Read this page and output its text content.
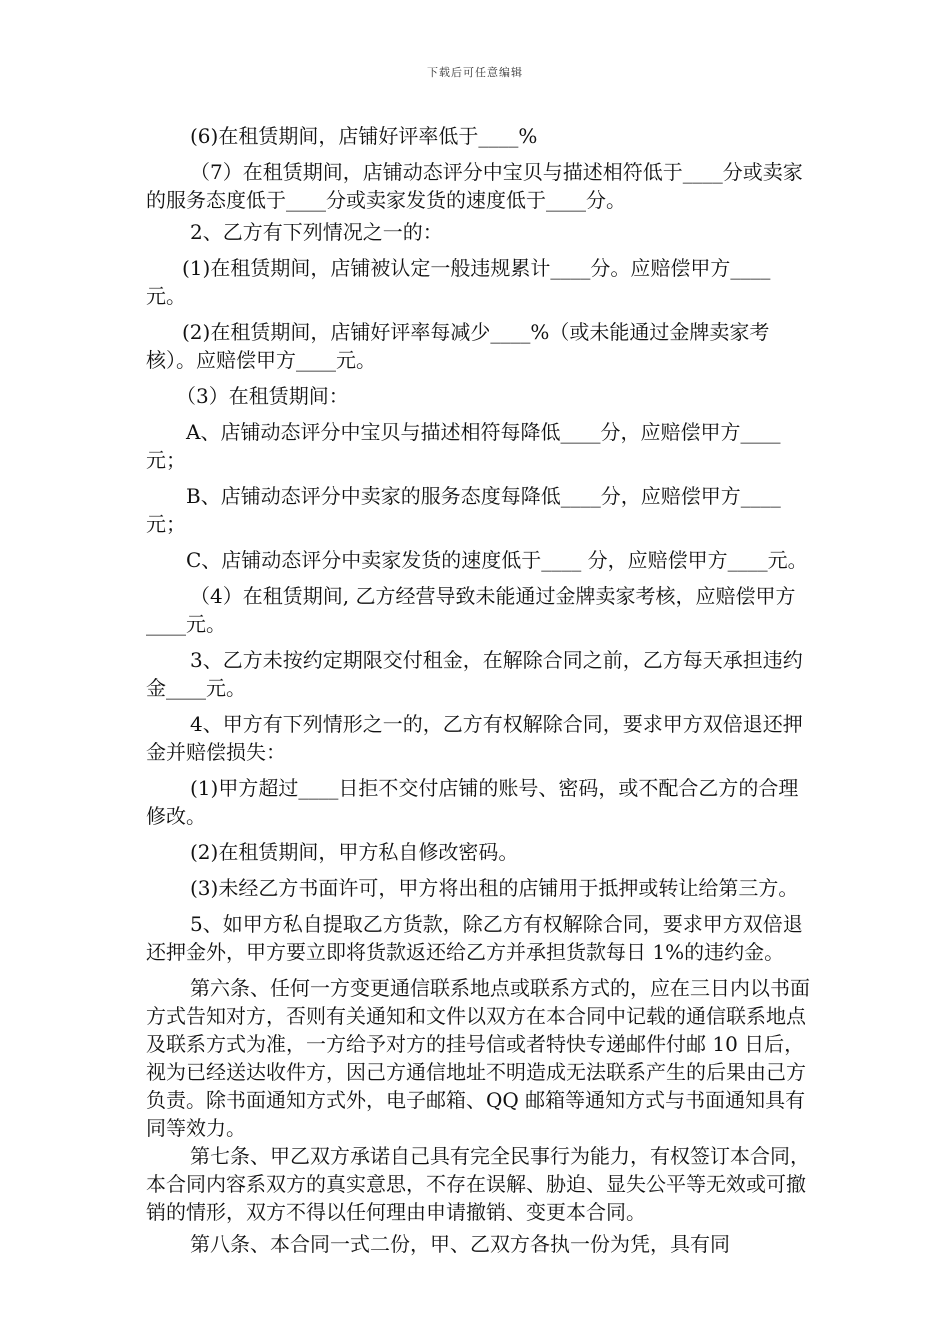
下载后可任意编辑

(6)在租赁期间，店铺好评率低于____%

（7）在租赁期间，店铺动态评分中宝贝与描述相符低于____分或卖家的服务态度低于____分或卖家发货的速度低于____分。

2、乙方有下列情况之一的：

(1)在租赁期间，店铺被认定一般违规累计____分。应赔偿甲方____元。

(2)在租赁期间，店铺好评率每减少____%（或未能通过金牌卖家考核）。应赔偿甲方____元。

（3）在租赁期间：

A、店铺动态评分中宝贝与描述相符每降低____分，应赔偿甲方____元；

B、店铺动态评分中卖家的服务态度每降低____分，应赔偿甲方____元；

C、店铺动态评分中卖家发货的速度低于____ 分，应赔偿甲方____元。

（4）在租赁期间, 乙方经营导致未能通过金牌卖家考核，应赔偿甲方____元。

3、乙方未按约定期限交付租金，在解除合同之前，乙方每天承担违约金____元。

4、甲方有下列情形之一的，乙方有权解除合同，要求甲方双倍退还押金并赔偿损失：

(1)甲方超过____日拒不交付店铺的账号、密码，或不配合乙方的合理修改。

(2)在租赁期间，甲方私自修改密码。

(3)未经乙方书面许可，甲方将出租的店铺用于抵押或转让给第三方。

5、如甲方私自提取乙方货款，除乙方有权解除合同，要求甲方双倍退还押金外，甲方要立即将货款返还给乙方并承担货款每日 1%的违约金。

第六条、任何一方变更通信联系地点或联系方式的，应在三日内以书面方式告知对方，否则有关通知和文件以双方在本合同中记载的通信联系地点及联系方式为准，一方给予对方的挂号信或者特快专递邮件付邮 10 日后，视为已经送达收件方，因己方通信地址不明造成无法联系产生的后果由己方负责。除书面通知方式外，电子邮箱、QQ 邮箱等通知方式与书面通知具有同等效力。

第七条、甲乙双方承诺自己具有完全民事行为能力，有权签订本合同，本合同内容系双方的真实意思，不存在误解、胁迫、显失公平等无效或可撤销的情形，双方不得以任何理由申请撤销、变更本合同。

第八条、本合同一式二份，甲、乙双方各执一份为凭，具有同
